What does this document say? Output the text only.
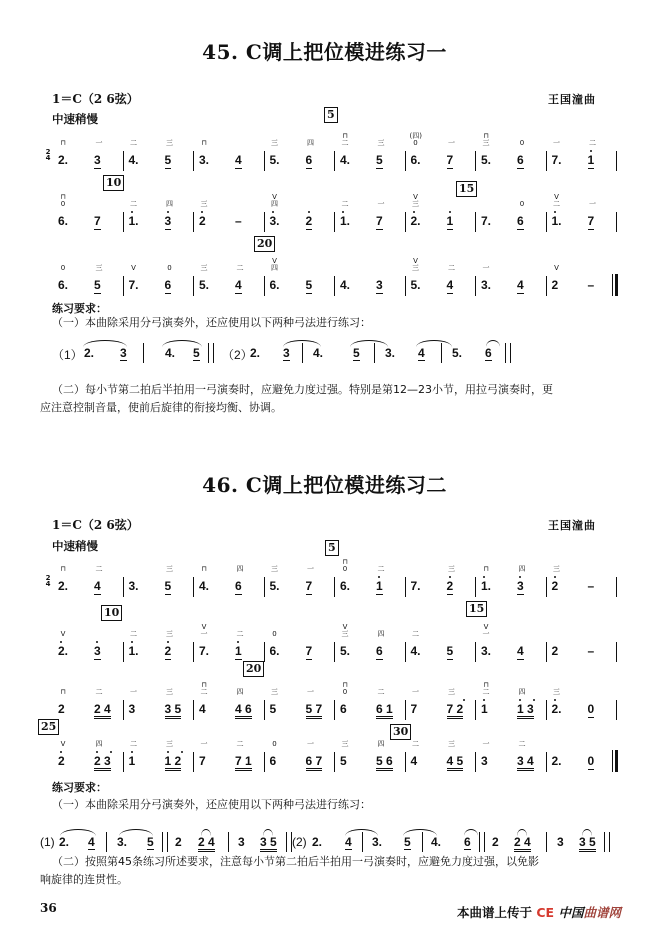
45. C调上把位模进练习一
1＝C（2 6弦）	王国潼曲
中速稍慢
2
4 2.
⊓
3
一
4.
二
5
三
3.
⊓
4 5.
三
6
四
4.
二
⊓
5
三
6.
0
(四)
7
一
5.
三
⊓
6
0
7.
一
1
二
6.
0
⊓
7 1.
二
3
四
2
三
– 3.
四
V
2 1.
二
7
一
2.
三
V
1 7. 6
0
1.
二
V
7
一
6.
0
5
三
7.
V
6
0
5.
三
4
二
6.
四
V
5 4. 3 5.
三
V
4
二
3.
一
4 2
V
–
5
10	15
20
练习要求：
（一）本曲除采用分弓演奏外，还应使用以下两种弓法进行练习：
（1） 2. 3	4. 5 （2）
2. 3 4. 5 3. 4 5. 6
（二）每小节第二拍后半拍用一弓演奏时，应避免力度过强。特别是第12—23小节，用拉弓演奏时，更
应注意控制音量，使前后旋律的衔接均衡、协调。
46. C调上把位模进练习二
1＝C（2 6弦）	王国潼曲
中速稍慢
2
4 2.
⊓
4
二
3. 5
三
4.
⊓
6
四
5.
三
7
一
6.
0
⊓
1
二
7. 2
三
1.
⊓
3
四
2
三
–
2.
V
3 1.
二
2
三
7.
一
V
1
二
6.
0
7 5.
三
V
6
四
4.
二
5 3.
一
V
4 2 –
2
⊓
2 4
二
3
一
3 5
三
4
二
⊓
4 6
四
5
三
5 7
一
6
0
⊓
6 1
二
7
一
7 2
三
1
二
⊓
1 3
四
2.
三
0
2
V
2 3
四
1
二
1 2
三
7
一
7 1
二
6
0
6 7
一
5
三
5 6
四
4
二
4 5
三
3
一
3 4
二
2. 0
5
10	15
20
25	30
练习要求：
（一）本曲除采用分弓演奏外，还应使用以下两种弓法进行练习：
(1) 2. 4 3. 5 2 2 4 3 3 5 (2) 2. 4 3. 5 4. 6 2 2 4 3 3 5
（二）按照第45条练习所述要求，注意每小节第二拍后半拍用一弓演奏时，应避免力度过强，以免影
响旋律的连贯性。
36	本曲谱上传于 CE 中国曲谱网
